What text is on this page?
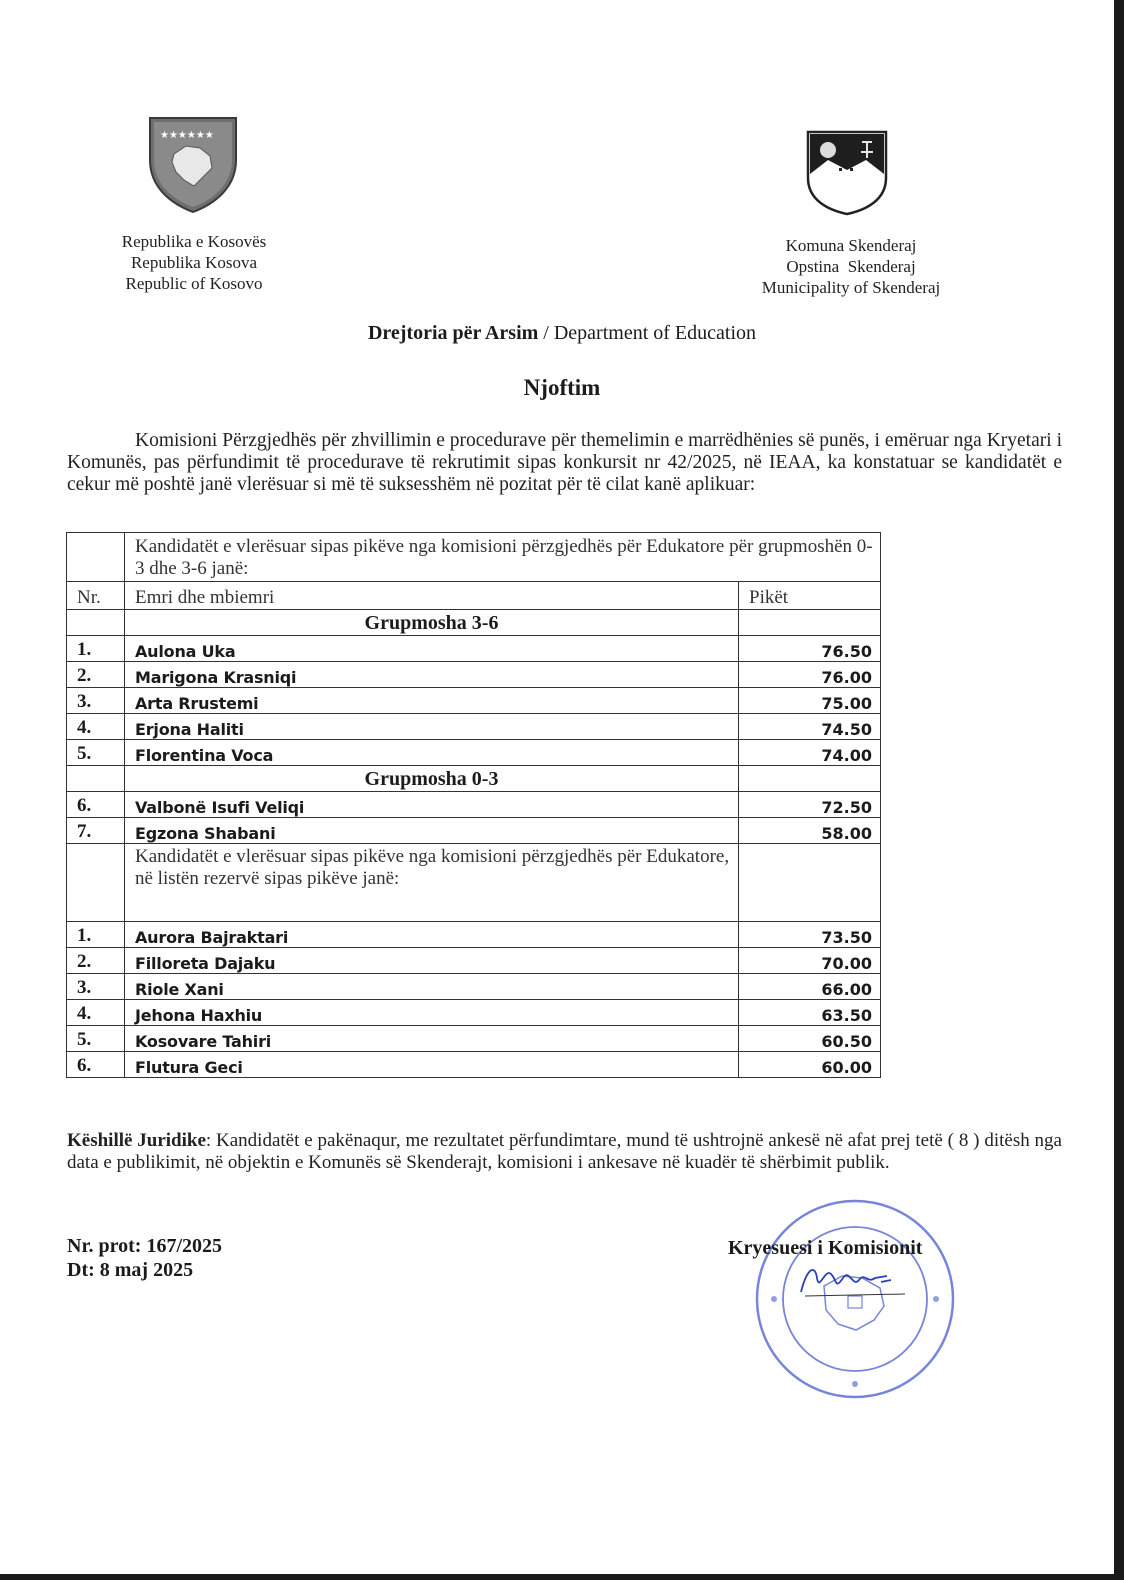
★★★★★★
Republika e Kosovës
Republika Kosova
Republic of Kosovo
Komuna Skenderaj
Opstina  Skenderaj
Municipality of Skenderaj
Drejtoria për Arsim / Department of Education
Njoftim
Komisioni Përzgjedhës për zhvillimin e procedurave për themelimin e marrëdhënies së punës, i emëruar nga Kryetari i Komunës, pas përfundimit të procedurave të rekrutimit sipas konkursit nr 42/2025, në IEAA, ka konstatuar se kandidatët e cekur më poshtë janë vlerësuar si më të suksesshëm në pozitat për të cilat kanë aplikuar:
	Kandidatët e vlerësuar sipas pikëve nga komisioni përzgjedhës për Edukatore për grupmoshën 0-3 dhe 3-6 janë:	
Nr.	Emri dhe mbiemri	Pikët
	Grupmosha 3-6	
1.	Aulona Uka	76.50
2.	Marigona Krasniqi	76.00
3.	Arta Rrustemi	75.00
4.	Erjona Haliti	74.50
5.	Florentina Voca	74.00
	Grupmosha 0-3	
6.	Valbonë Isufi Veliqi	72.50
7.	Egzona Shabani	58.00
	Kandidatët e vlerësuar sipas pikëve nga komisioni përzgjedhës për Edukatore, në listën rezervë sipas pikëve janë:	
1.	Aurora Bajraktari	73.50
2.	Filloreta Dajaku	70.00
3.	Riole Xani	66.00
4.	Jehona Haxhiu	63.50
5.	Kosovare Tahiri	60.50
6.	Flutura Geci	60.00
Këshillë Juridike: Kandidatët e pakënaqur, me rezultatet përfundimtare, mund të ushtrojnë ankesë në afat prej tetë ( 8 ) ditësh nga data e publikimit, në objektin e Komunës së Skenderajt, komisioni i ankesave në kuadër të shërbimit publik.
Nr. prot: 167/2025
Dt: 8 maj 2025
Kryesuesi i Komisionit
